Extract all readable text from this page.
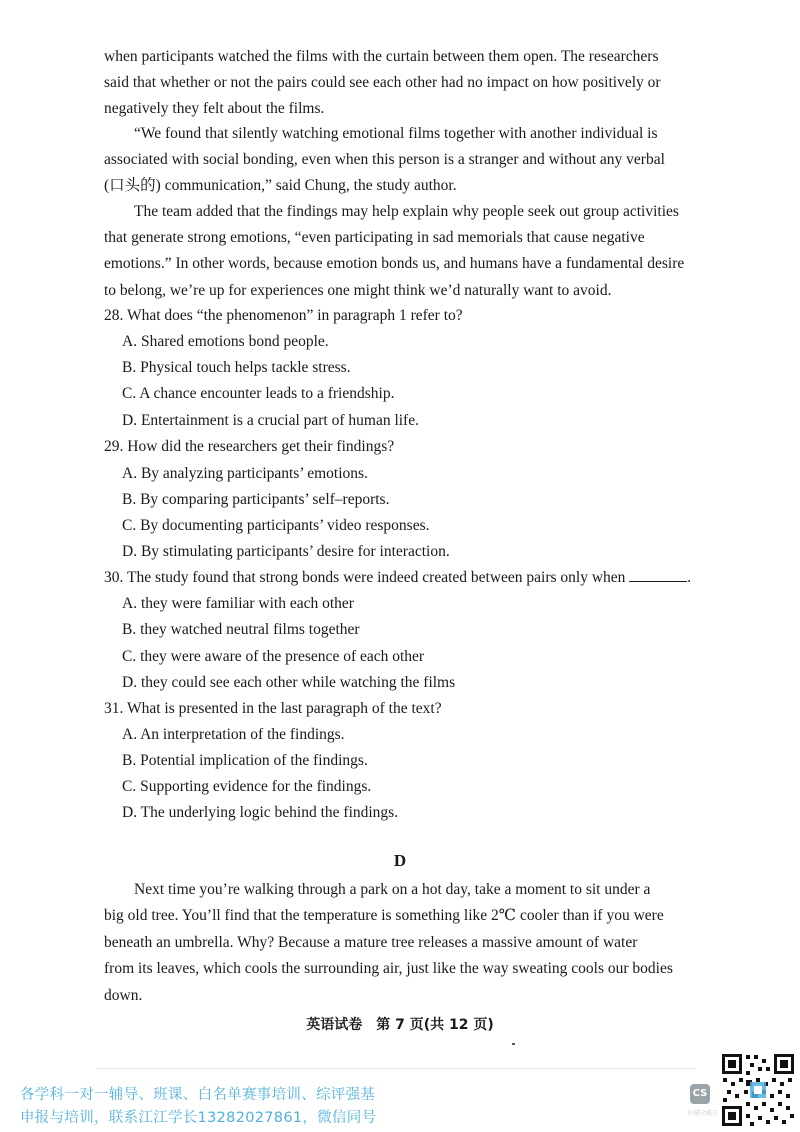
when participants watched the films with the curtain between them open. The researchers
said that whether or not the pairs could see each other had no impact on how positively or
negatively they felt about the films.
“We found that silently watching emotional films together with another individual is
associated with social bonding, even when this person is a stranger and without any verbal
(口头的) communication,” said Chung, the study author.
The team added that the findings may help explain why people seek out group activities
that generate strong emotions, “even participating in sad memorials that cause negative
emotions.” In other words, because emotion bonds us, and humans have a fundamental desire
to belong, we’re up for experiences one might think we’d naturally want to avoid.
28. What does “the phenomenon” in paragraph 1 refer to?
A. Shared emotions bond people.
B. Physical touch helps tackle stress.
C. A chance encounter leads to a friendship.
D. Entertainment is a crucial part of human life.
29. How did the researchers get their findings?
A. By analyzing participants’ emotions.
B. By comparing participants’ self–reports.
C. By documenting participants’ video responses.
D. By stimulating participants’ desire for interaction.
30. The study found that strong bonds were indeed created between pairs only when	.
A. they were familiar with each other
B. they watched neutral films together
C. they were aware of the presence of each other
D. they could see each other while watching the films
31. What is presented in the last paragraph of the text?
A. An interpretation of the findings.
B. Potential implication of the findings.
C. Supporting evidence for the findings.
D. The underlying logic behind the findings.
D
Next time you’re walking through a park on a hot day, take a moment to sit under a
big old tree. You’ll find that the temperature is something like 2℃ cooler than if you were
beneath an umbrella. Why? Because a mature tree releases a massive amount of water
from its leaves, which cools the surrounding air, just like the way sweating cools our bodies
down.
英语试卷　第 7 页(共 12 页)
各学科一对一辅导、班课、白名单赛事培训、综评强基
申报与培训，联系江江学长13282027861，微信同号
CS
扫描全能王
